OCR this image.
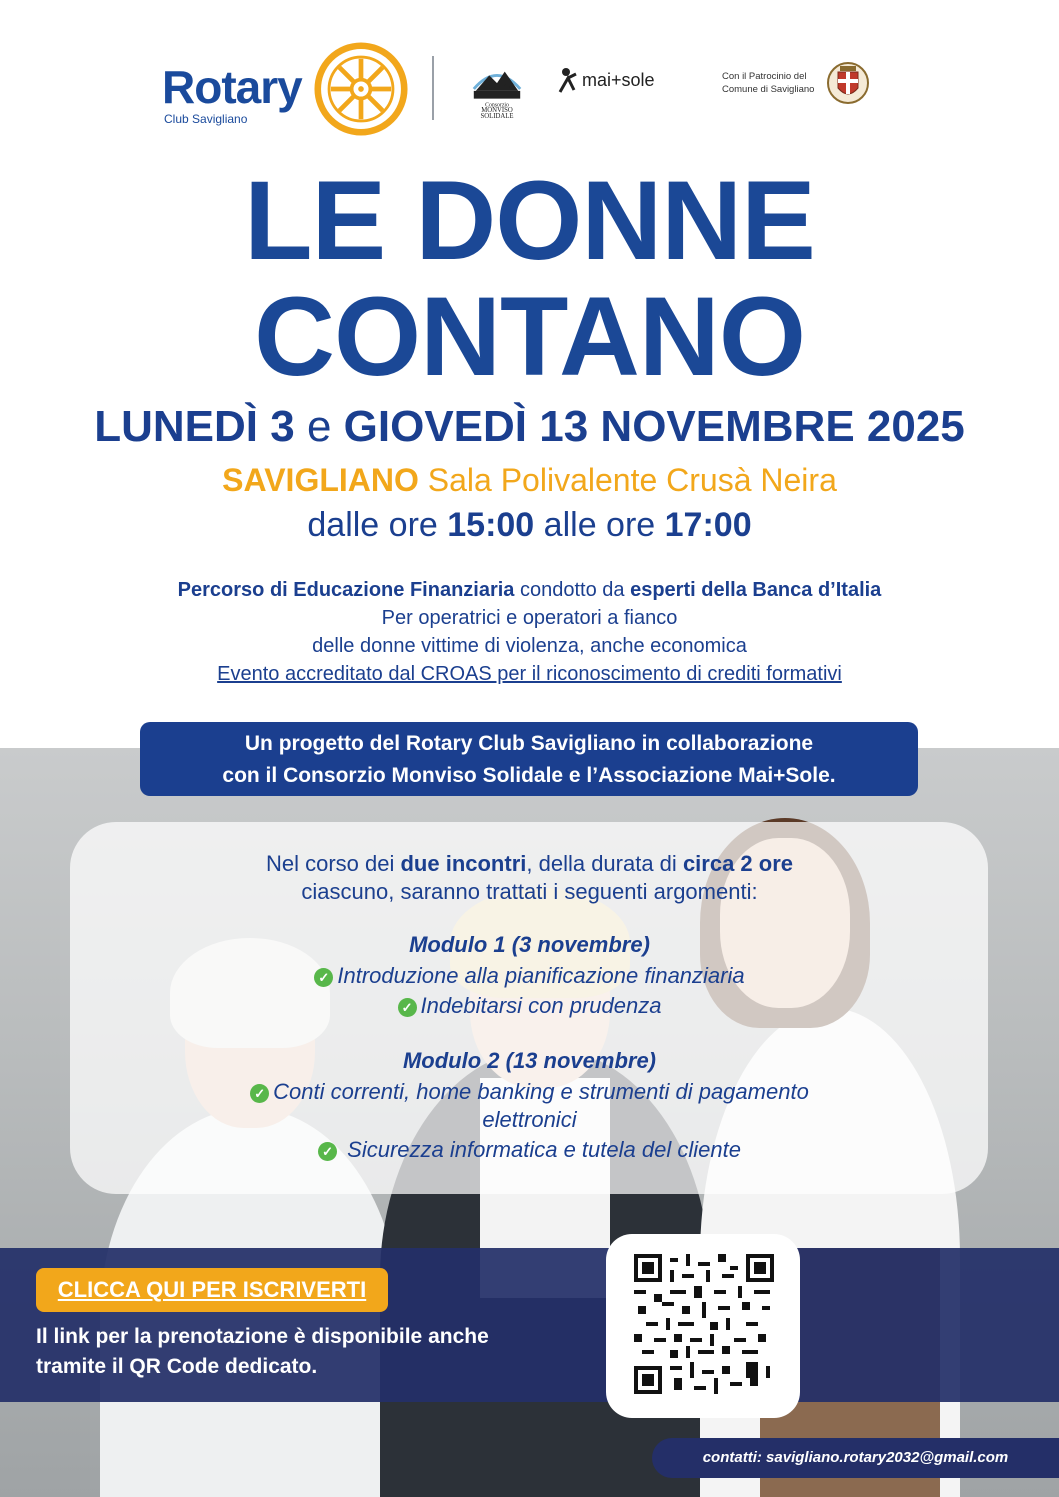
Rotary
Club Savigliano
Consorzio
MONVISO
SOLIDALE
mai+sole	Con il Patrocinio del
Comune di Savigliano
LE DONNE
CONTANO
LUNEDÌ 3 e GIOVEDÌ 13 NOVEMBRE 2025
SAVIGLIANO Sala Polivalente Crusà Neira
dalle ore 15:00 alle ore 17:00
Percorso di Educazione Finanziaria condotto da esperti della Banca d’Italia
Per operatrici e operatori a fianco
delle donne vittime di violenza, anche economica
Evento accreditato dal CROAS per il riconoscimento di crediti formativi
Un progetto del Rotary Club Savigliano in collaborazione
con il Consorzio Monviso Solidale e l’Associazione Mai+Sole.
Nel corso dei due incontri, della durata di circa 2 ore
ciascuno, saranno trattati i seguenti argomenti:
Modulo 1 (3 novembre)
✓ Introduzione alla pianificazione finanziaria
✓ Indebitarsi con prudenza
Modulo 2 (13 novembre)
✓ Conti correnti, home banking e strumenti di pagamento
elettronici
✓ Sicurezza informatica e tutela del cliente
CLICCA QUI PER ISCRIVERTI
Il link per la prenotazione è disponibile anche
tramite il QR Code dedicato.
contatti: savigliano.rotary2032@gmail.com
